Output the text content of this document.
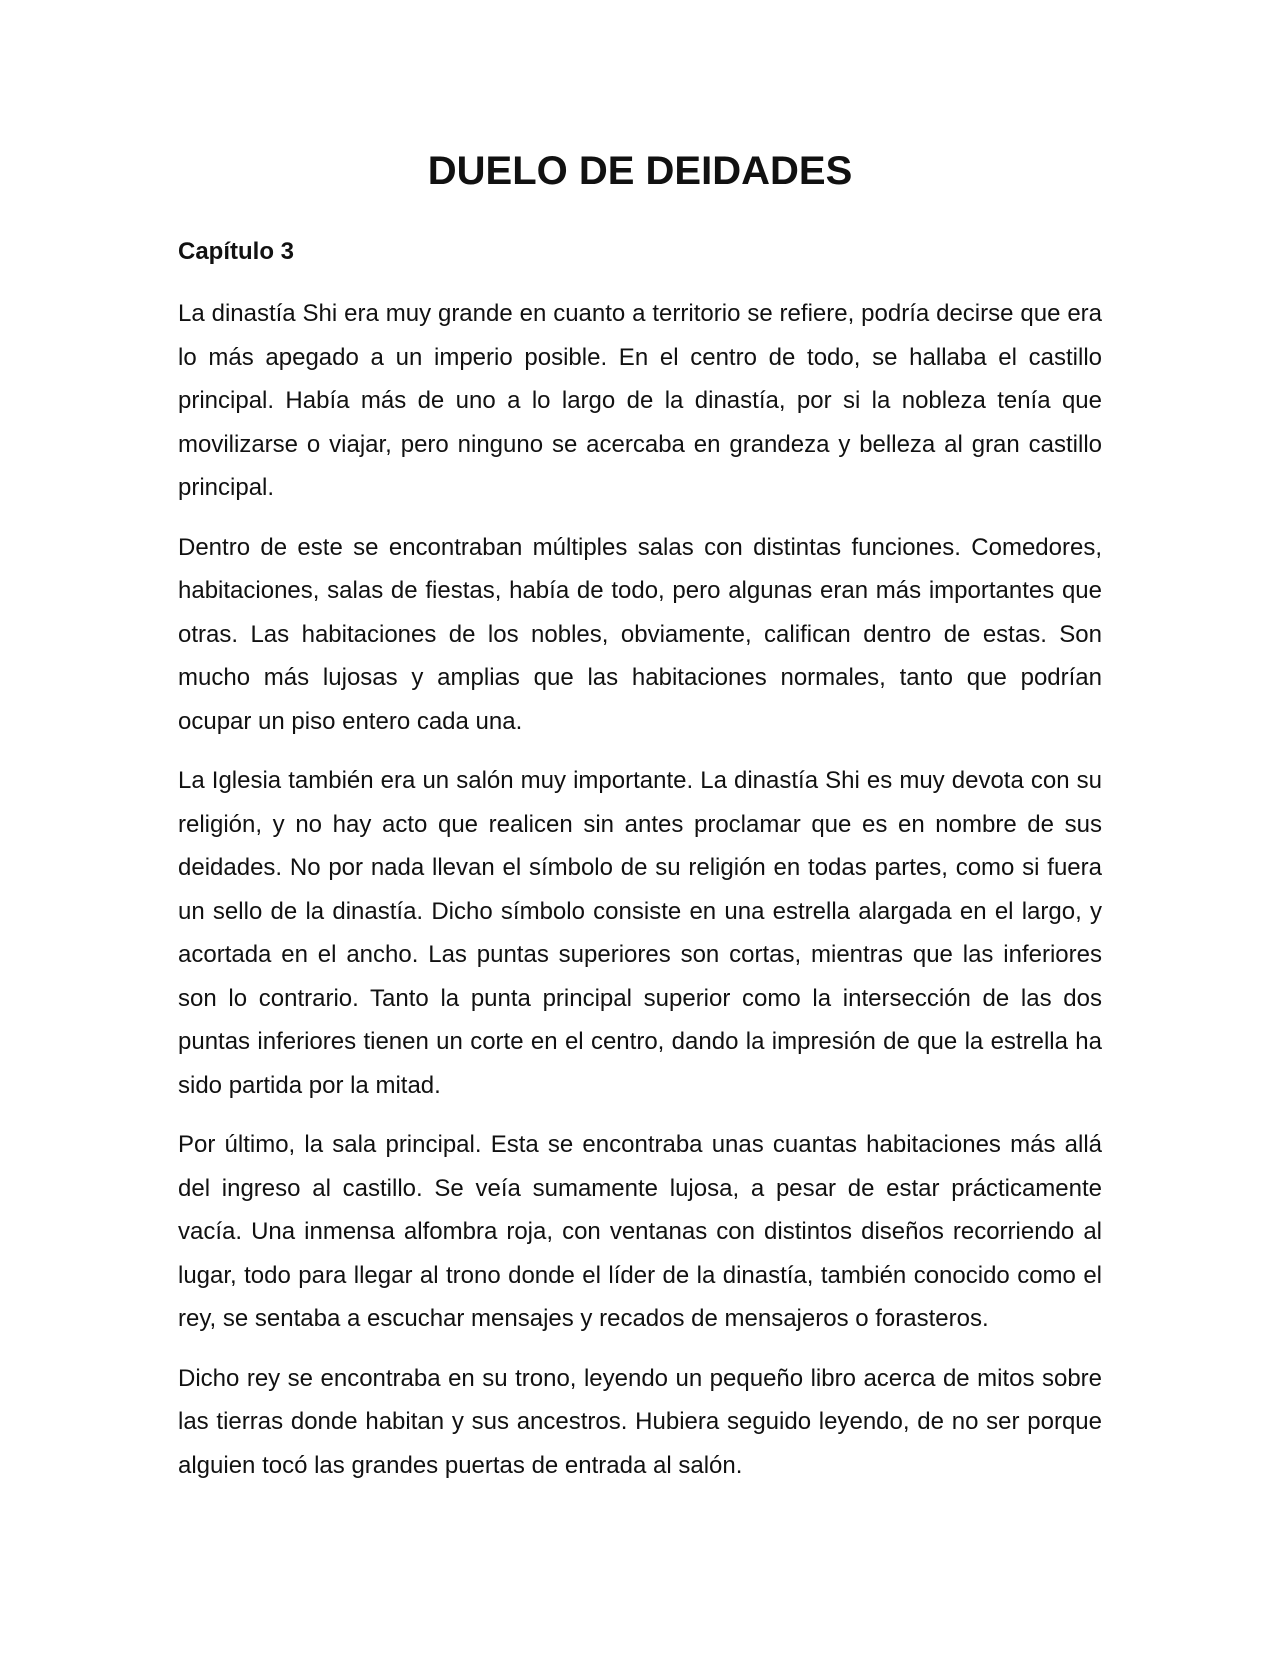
DUELO DE DEIDADES
Capítulo 3

La dinastía Shi era muy grande en cuanto a territorio se refiere, podría decirse que era lo más apegado a un imperio posible. En el centro de todo, se hallaba el castillo principal. Había más de uno a lo largo de la dinastía, por si la nobleza tenía que movilizarse o viajar, pero ninguno se acercaba en grandeza y belleza al gran castillo principal.

Dentro de este se encontraban múltiples salas con distintas funciones. Comedores, habitaciones, salas de fiestas, había de todo, pero algunas eran más importantes que otras. Las habitaciones de los nobles, obviamente, califican dentro de estas. Son mucho más lujosas y amplias que las habitaciones normales, tanto que podrían ocupar un piso entero cada una.

La Iglesia también era un salón muy importante. La dinastía Shi es muy devota con su religión, y no hay acto que realicen sin antes proclamar que es en nombre de sus deidades. No por nada llevan el símbolo de su religión en todas partes, como si fuera un sello de la dinastía. Dicho símbolo consiste en una estrella alargada en el largo, y acortada en el ancho. Las puntas superiores son cortas, mientras que las inferiores son lo contrario. Tanto la punta principal superior como la intersección de las dos puntas inferiores tienen un corte en el centro, dando la impresión de que la estrella ha sido partida por la mitad.

Por último, la sala principal. Esta se encontraba unas cuantas habitaciones más allá del ingreso al castillo. Se veía sumamente lujosa, a pesar de estar prácticamente vacía. Una inmensa alfombra roja, con ventanas con distintos diseños recorriendo al lugar, todo para llegar al trono donde el líder de la dinastía, también conocido como el rey, se sentaba a escuchar mensajes y recados de mensajeros o forasteros.

Dicho rey se encontraba en su trono, leyendo un pequeño libro acerca de mitos sobre las tierras donde habitan y sus ancestros. Hubiera seguido leyendo, de no ser porque alguien tocó las grandes puertas de entrada al salón.
